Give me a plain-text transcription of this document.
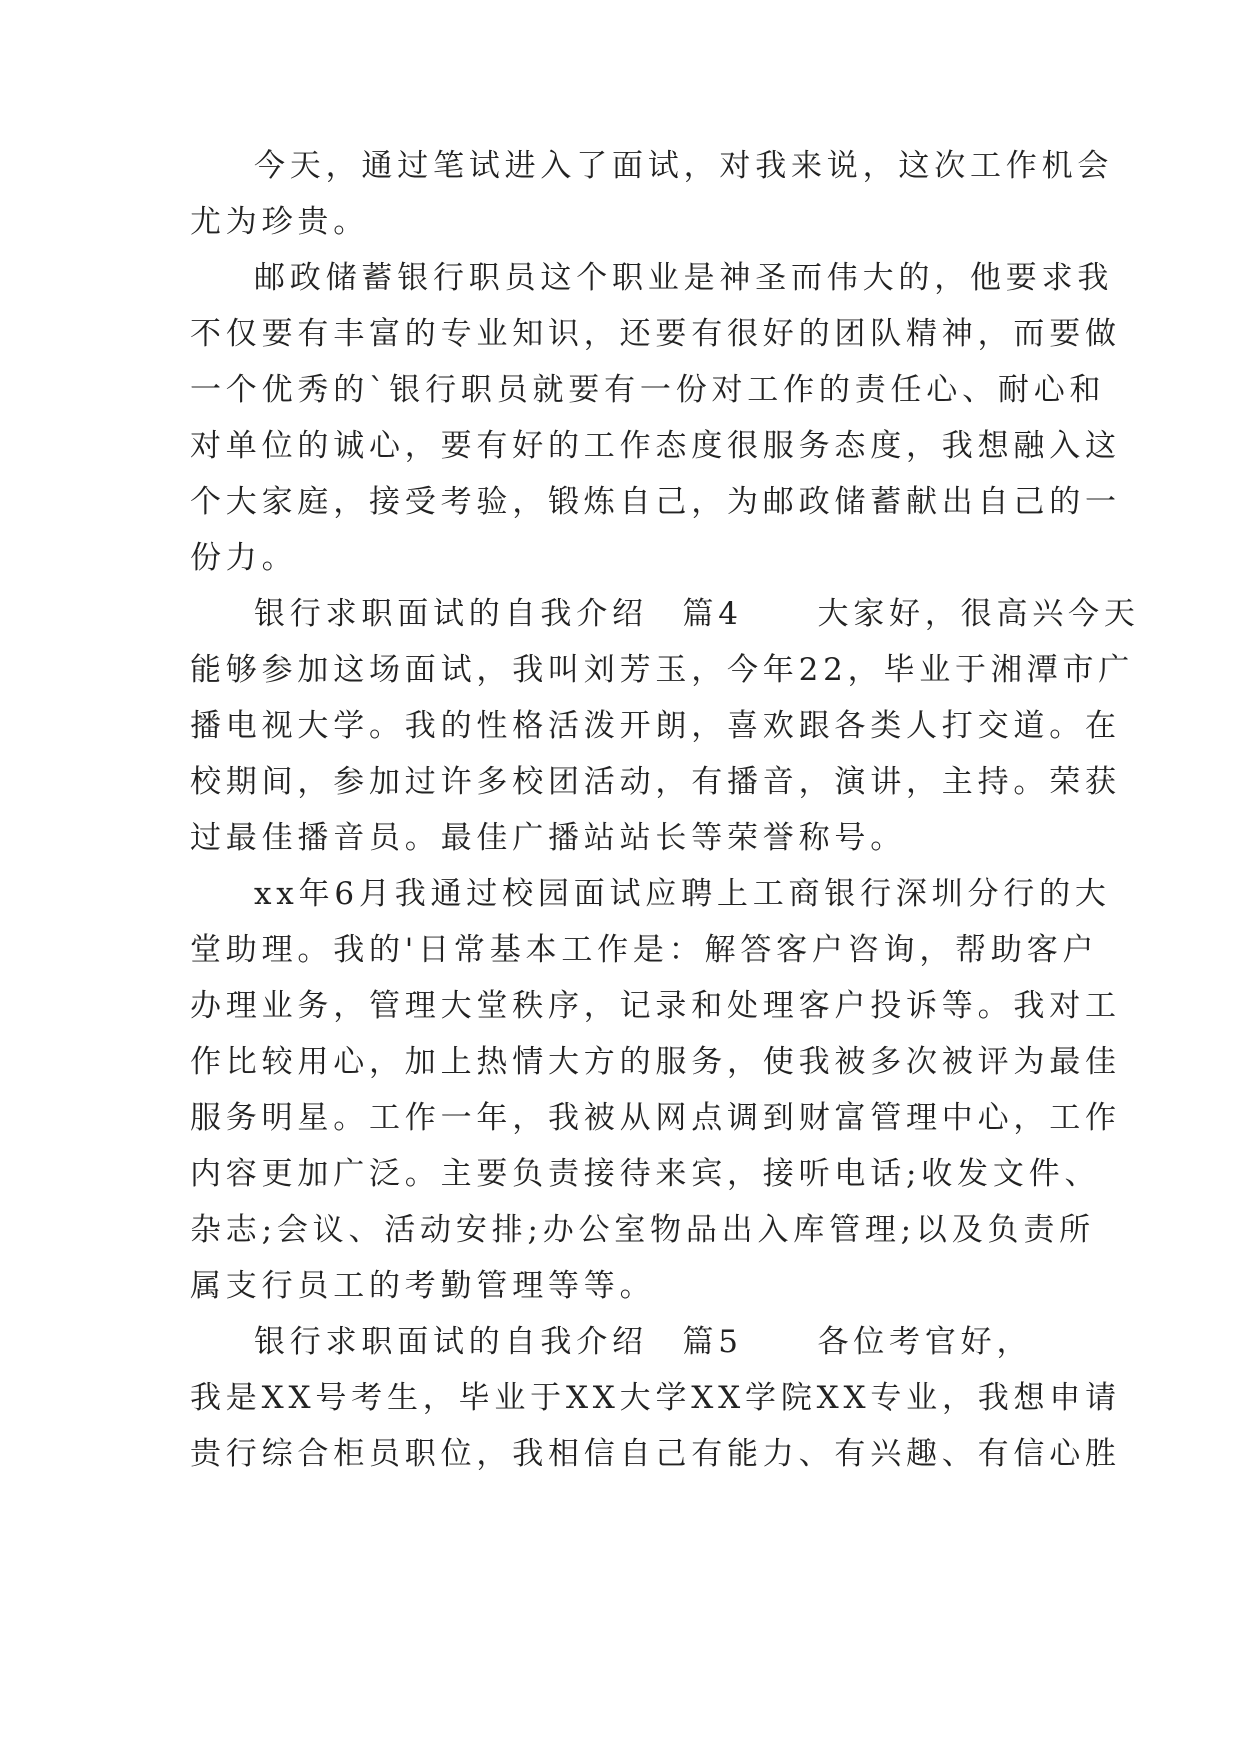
今天，通过笔试进入了面试，对我来说，这次工作机会

尤为珍贵。

邮政储蓄银行职员这个职业是神圣而伟大的，他要求我

不仅要有丰富的专业知识，还要有很好的团队精神，而要做

一个优秀的`银行职员就要有一份对工作的责任心、耐心和

对单位的诚心，要有好的工作态度很服务态度，我想融入这

个大家庭，接受考验，锻炼自己，为邮政储蓄献出自己的一

份力。

银行求职面试的自我介绍 篇4 大家好，很高兴今天

能够参加这场面试，我叫刘芳玉，今年22，毕业于湘潭市广

播电视大学。我的性格活泼开朗，喜欢跟各类人打交道。在

校期间，参加过许多校团活动，有播音，演讲，主持。荣获

过最佳播音员。最佳广播站站长等荣誉称号。

xx年6月我通过校园面试应聘上工商银行深圳分行的大

堂助理。我的'日常基本工作是：解答客户咨询，帮助客户

办理业务，管理大堂秩序，记录和处理客户投诉等。我对工

作比较用心，加上热情大方的服务，使我被多次被评为最佳

服务明星。工作一年，我被从网点调到财富管理中心，工作

内容更加广泛。主要负责接待来宾，接听电话;收发文件、

杂志;会议、活动安排;办公室物品出入库管理;以及负责所

属支行员工的考勤管理等等。

银行求职面试的自我介绍 篇5 各位考官好，

我是XX号考生，毕业于XX大学XX学院XX专业，我想申请

贵行综合柜员职位，我相信自己有能力、有兴趣、有信心胜
